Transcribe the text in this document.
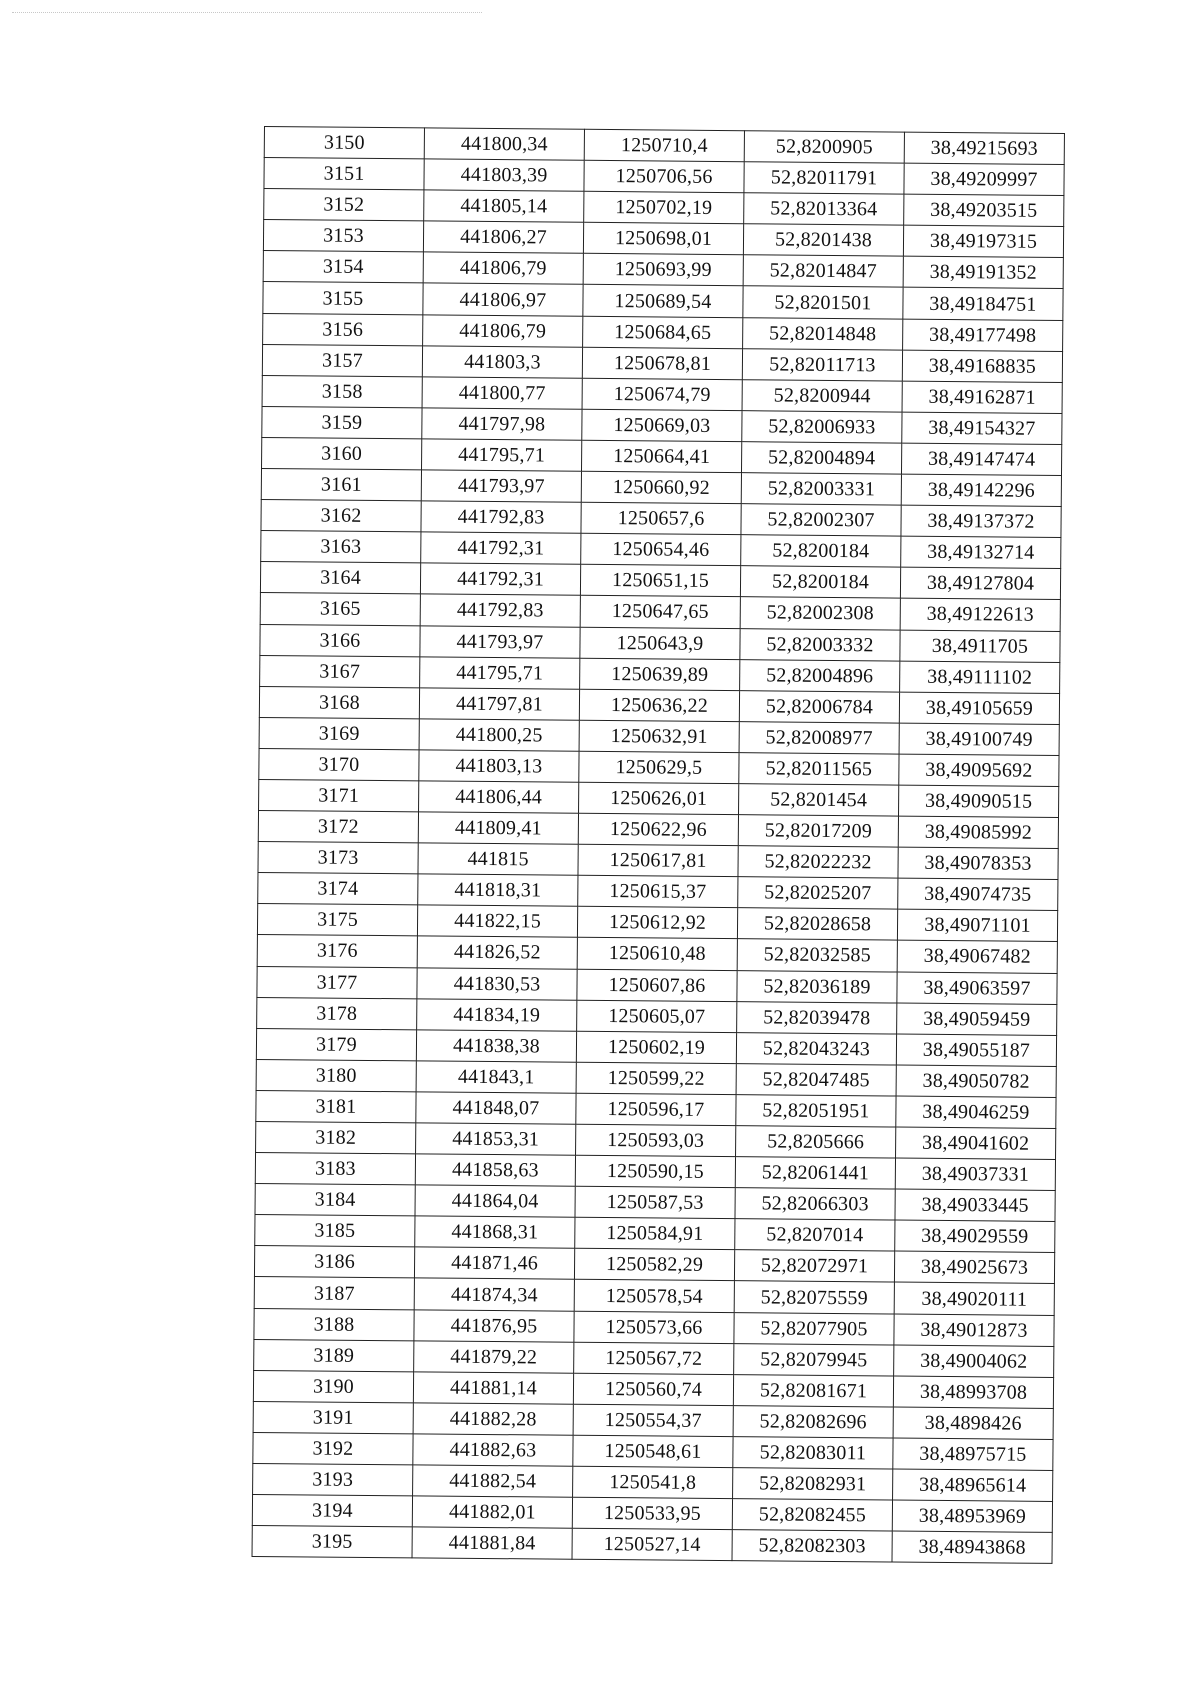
3150	441800,34	1250710,4	52,8200905	38,49215693
3151	441803,39	1250706,56	52,82011791	38,49209997
3152	441805,14	1250702,19	52,82013364	38,49203515
3153	441806,27	1250698,01	52,8201438	38,49197315
3154	441806,79	1250693,99	52,82014847	38,49191352
3155	441806,97	1250689,54	52,8201501	38,49184751
3156	441806,79	1250684,65	52,82014848	38,49177498
3157	441803,3	1250678,81	52,82011713	38,49168835
3158	441800,77	1250674,79	52,8200944	38,49162871
3159	441797,98	1250669,03	52,82006933	38,49154327
3160	441795,71	1250664,41	52,82004894	38,49147474
3161	441793,97	1250660,92	52,82003331	38,49142296
3162	441792,83	1250657,6	52,82002307	38,49137372
3163	441792,31	1250654,46	52,8200184	38,49132714
3164	441792,31	1250651,15	52,8200184	38,49127804
3165	441792,83	1250647,65	52,82002308	38,49122613
3166	441793,97	1250643,9	52,82003332	38,4911705
3167	441795,71	1250639,89	52,82004896	38,49111102
3168	441797,81	1250636,22	52,82006784	38,49105659
3169	441800,25	1250632,91	52,82008977	38,49100749
3170	441803,13	1250629,5	52,82011565	38,49095692
3171	441806,44	1250626,01	52,8201454	38,49090515
3172	441809,41	1250622,96	52,82017209	38,49085992
3173	441815	1250617,81	52,82022232	38,49078353
3174	441818,31	1250615,37	52,82025207	38,49074735
3175	441822,15	1250612,92	52,82028658	38,49071101
3176	441826,52	1250610,48	52,82032585	38,49067482
3177	441830,53	1250607,86	52,82036189	38,49063597
3178	441834,19	1250605,07	52,82039478	38,49059459
3179	441838,38	1250602,19	52,82043243	38,49055187
3180	441843,1	1250599,22	52,82047485	38,49050782
3181	441848,07	1250596,17	52,82051951	38,49046259
3182	441853,31	1250593,03	52,8205666	38,49041602
3183	441858,63	1250590,15	52,82061441	38,49037331
3184	441864,04	1250587,53	52,82066303	38,49033445
3185	441868,31	1250584,91	52,8207014	38,49029559
3186	441871,46	1250582,29	52,82072971	38,49025673
3187	441874,34	1250578,54	52,82075559	38,49020111
3188	441876,95	1250573,66	52,82077905	38,49012873
3189	441879,22	1250567,72	52,82079945	38,49004062
3190	441881,14	1250560,74	52,82081671	38,48993708
3191	441882,28	1250554,37	52,82082696	38,4898426
3192	441882,63	1250548,61	52,82083011	38,48975715
3193	441882,54	1250541,8	52,82082931	38,48965614
3194	441882,01	1250533,95	52,82082455	38,48953969
3195	441881,84	1250527,14	52,82082303	38,48943868
